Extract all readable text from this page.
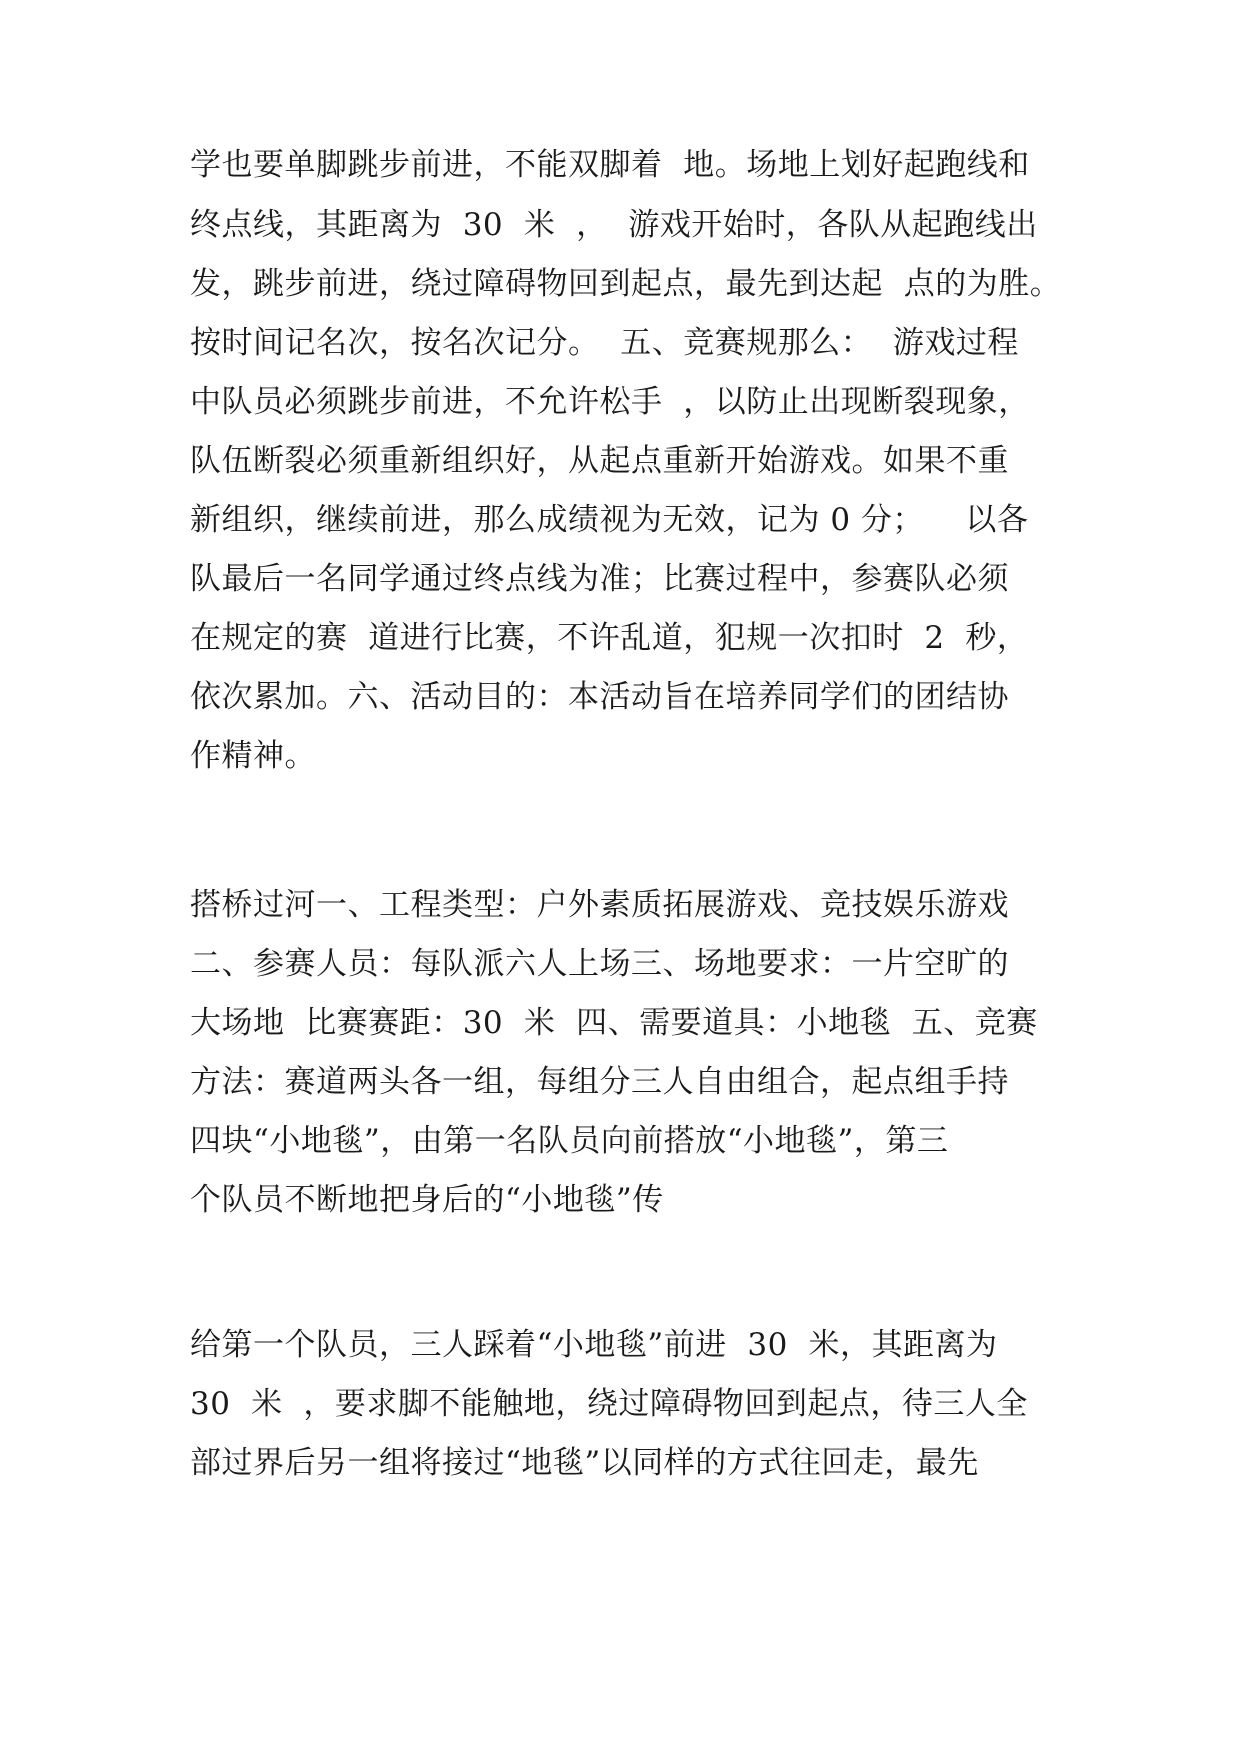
学也要单脚跳步前进，不能双脚着  地。场地上划好起跑线和
终点线，其距离为  30  米  ，  游戏开始时，各队从起跑线出
发，跳步前进，绕过障碍物回到起点，最先到达起  点的为胜。
按时间记名次，按名次记分。  五、竞赛规那么：  游戏过程
中队员必须跳步前进，不允许松手  ，以防止出现断裂现象，
队伍断裂必须重新组织好，从起点重新开始游戏。如果不重
新组织，继续前进，那么成绩视为无效，记为 0 分；    以各
队最后一名同学通过终点线为准；比赛过程中，参赛队必须
在规定的赛  道进行比赛，不许乱道，犯规一次扣时  2  秒，
依次累加。六、活动目的：本活动旨在培养同学们的团结协
作精神。
搭桥过河一、工程类型：户外素质拓展游戏、竞技娱乐游戏
二、参赛人员：每队派六人上场三、场地要求：一片空旷的
大场地  比赛赛距：30  米  四、需要道具：小地毯  五、竞赛
方法：赛道两头各一组，每组分三人自由组合，起点组手持
四块“小地毯”，由第一名队员向前搭放“小地毯”，第三
个队员不断地把身后的“小地毯”传
给第一个队员，三人踩着“小地毯”前进  30  米，其距离为
30  米  ，要求脚不能触地，绕过障碍物回到起点，待三人全
部过界后另一组将接过“地毯”以同样的方式往回走，最先
